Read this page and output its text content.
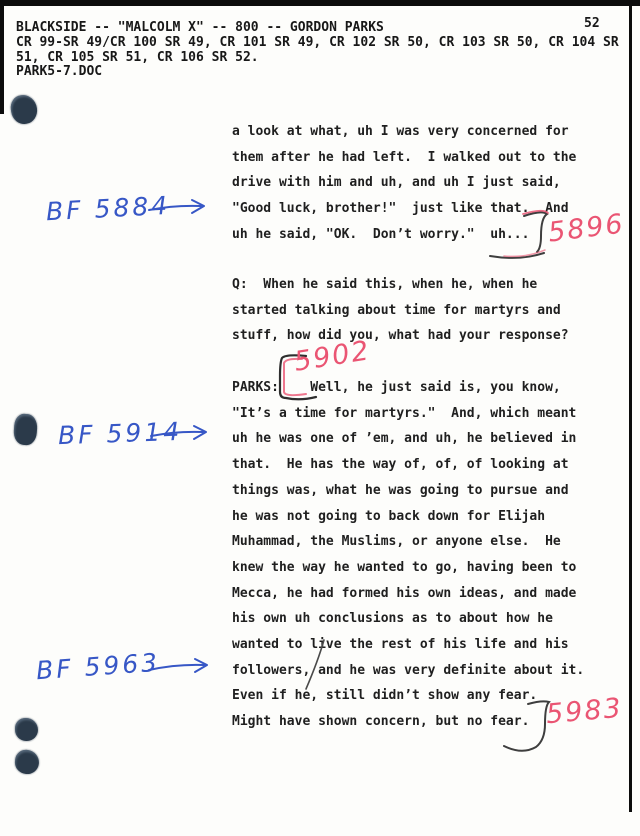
BLACKSIDE -- "MALCOLM X" -- 800 -- GORDON PARKS
CR 99-SR 49/CR 100 SR 49, CR 101 SR 49, CR 102 SR 50, CR 103 SR 50, CR 104 SR
51, CR 105 SR 51, CR 106 SR 52.
PARK5-7.DOC
52
a look at what, uh I was very concerned for
them after he had left.  I walked out to the
drive with him and uh, and uh I just said,
"Good luck, brother!"  just like that.  And
uh he said, "OK.  Don’t worry."  uh...
Q:  When he said this, when he, when he
started talking about time for martyrs and
stuff, how did you, what had your response?
PARKS:    Well, he just said is, you know,
"It’s a time for martyrs."  And, which meant
uh he was one of ’em, and uh, he believed in
that.  He has the way of, of, of looking at
things was, what he was going to pursue and
he was not going to back down for Elijah
Muhammad, the Muslims, or anyone else.  He
knew the way he wanted to go, having been to
Mecca, he had formed his own ideas, and made
his own uh conclusions as to about how he
wanted to live the rest of his life and his
followers, and he was very definite about it.
Even if he, still didn’t show any fear.
Might have shown concern, but no fear.
BF 5884
BF 5914
BF 5963
5896
5902
5983
